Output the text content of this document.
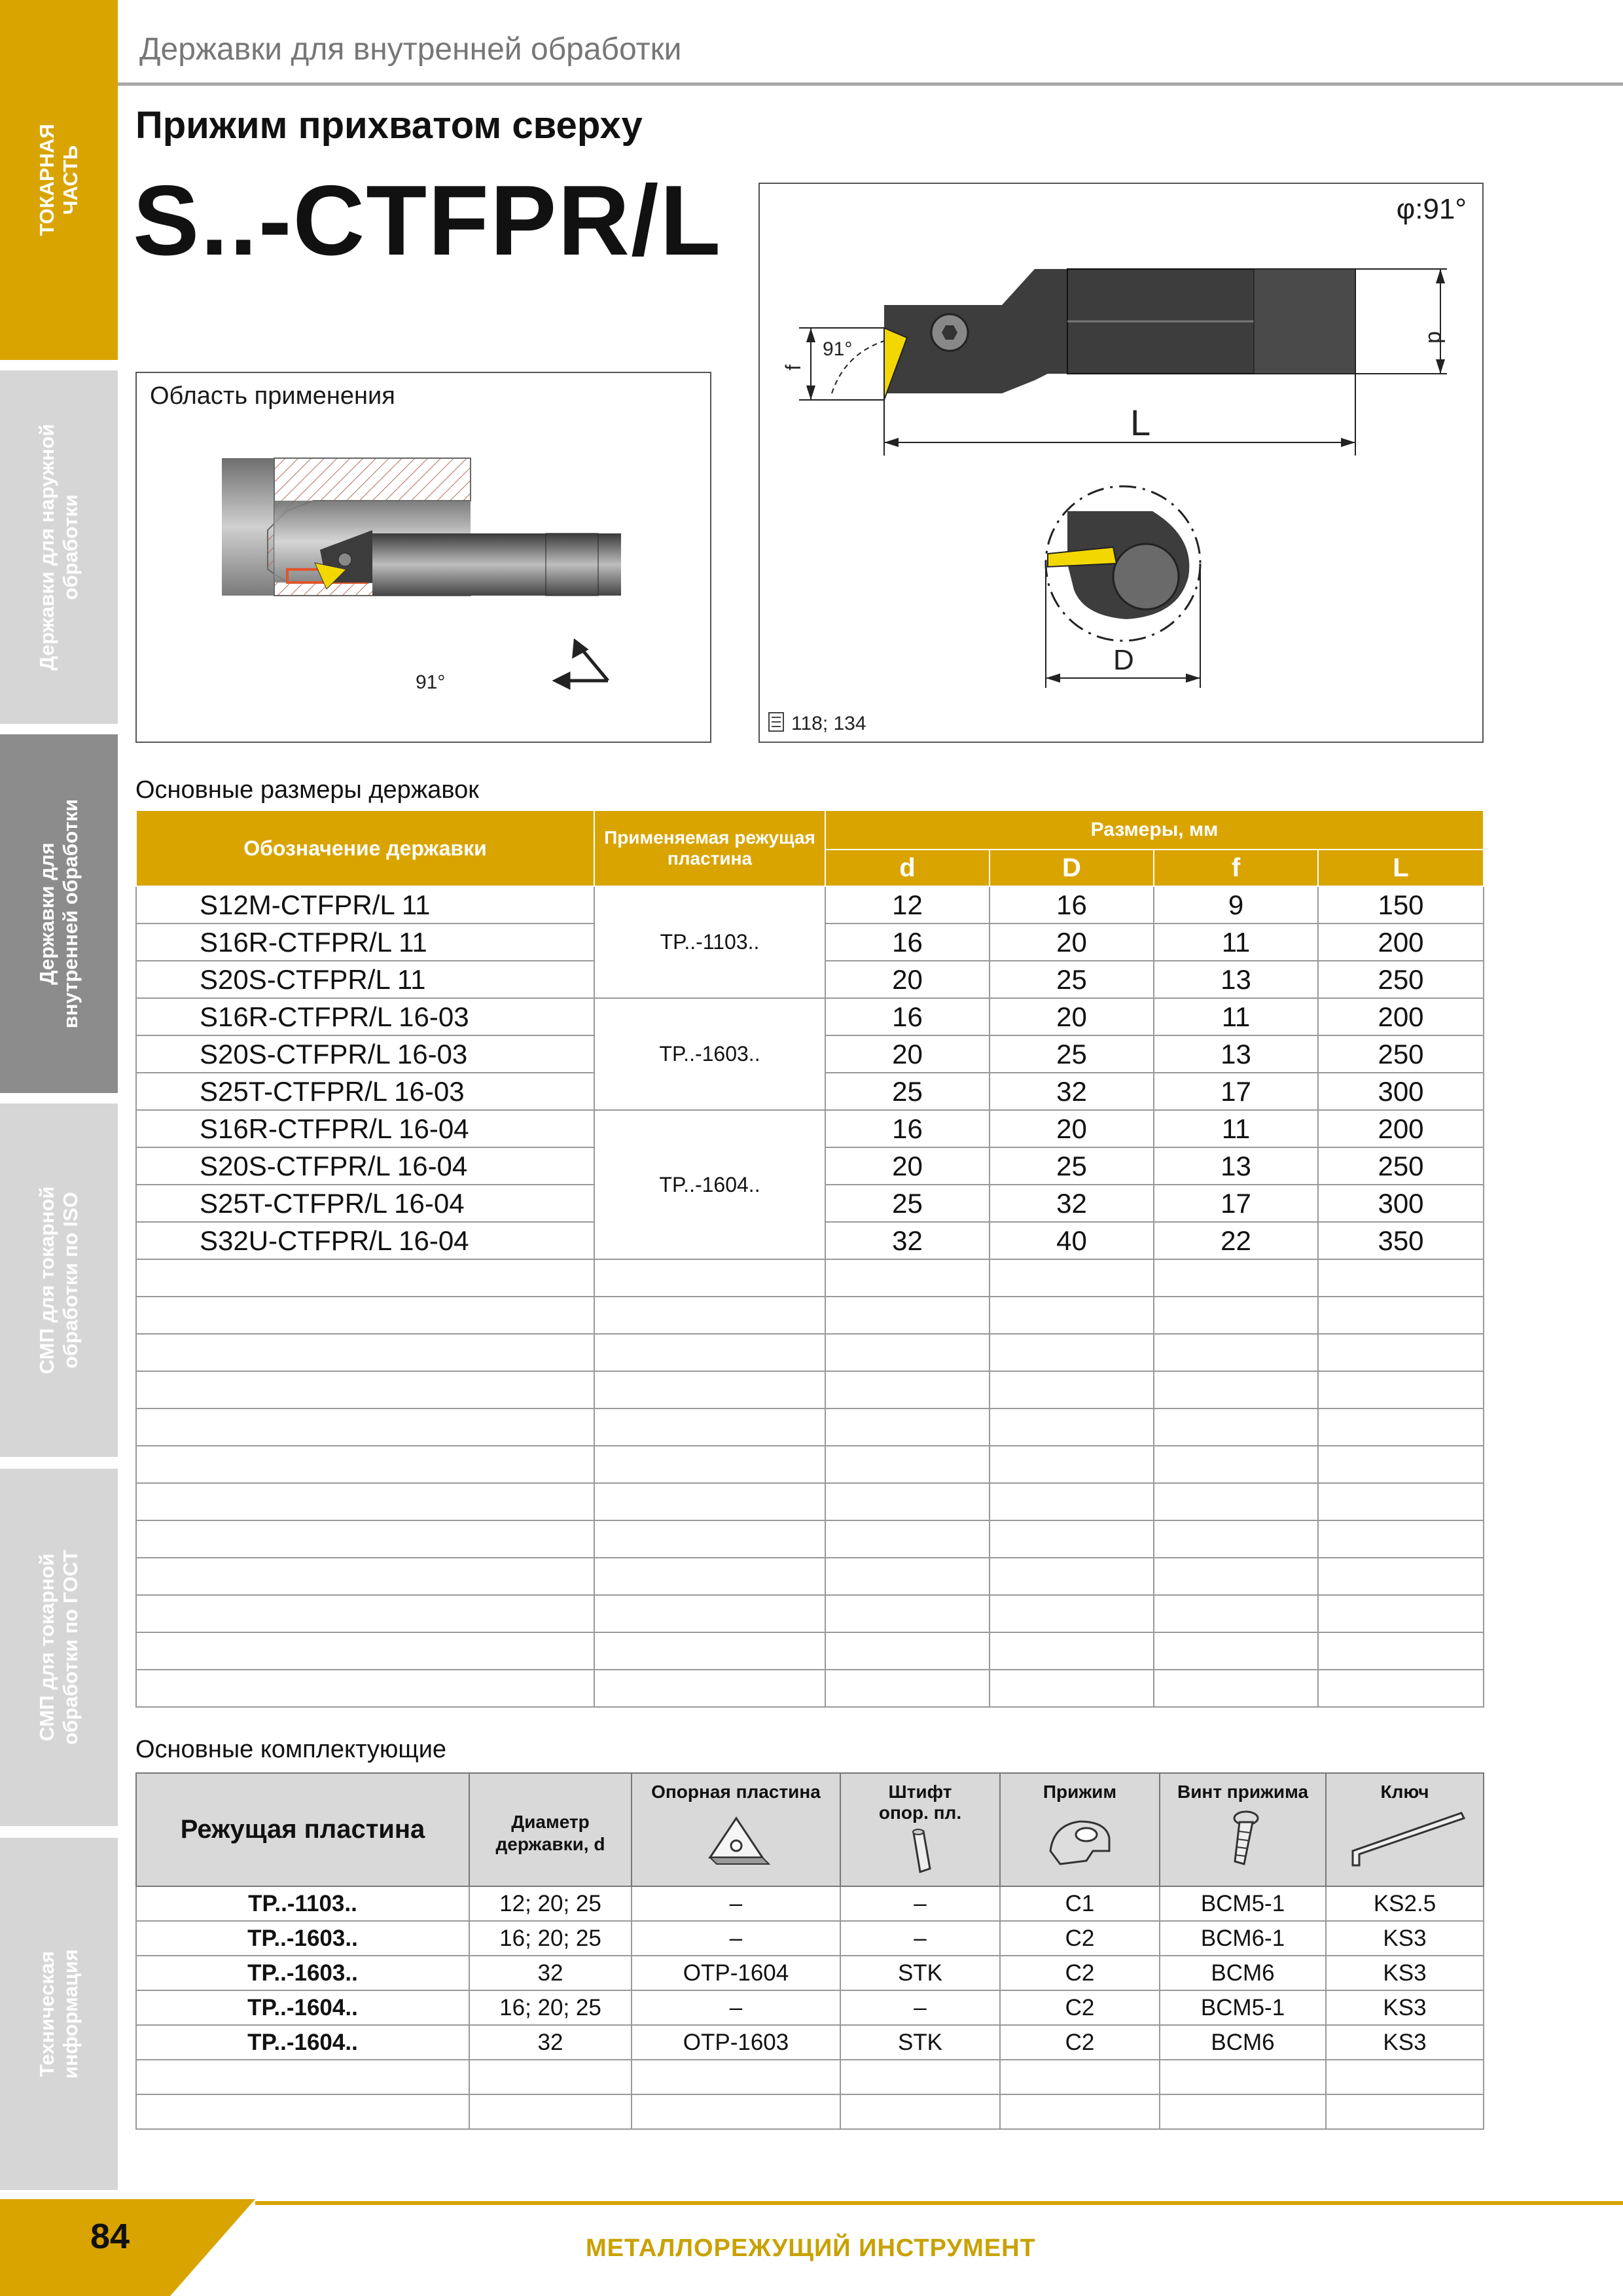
ТОКАРНАЯ ЧАСТЬ
Державки для наружной обработки
Державки для внутренней обработки
СМП для токарной обработки по ISO
СМП для токарной обработки по ГОСТ
Техническая информация
Державки для внутренней обработки
Прижим прихватом сверху
S..-CTFPR/L
Область применения
91°
φ:91°
L
d
f
91°
D
118; 134
Основные размеры державок
Обозначение державки	Применяемая режущая пластина	Размеры, мм			
		d	D	f	L
S12M-CTFPR/L 11	TP..-1103..	12	16	9	150
S16R-CTFPR/L 11		16	20	11	200
S20S-CTFPR/L 11		20	25	13	250
S16R-CTFPR/L 16-03	TP..-1603..	16	20	11	200
S20S-CTFPR/L 16-03		20	25	13	250
S25T-CTFPR/L 16-03		25	32	17	300
S16R-CTFPR/L 16-04	TP..-1604..	16	20	11	200
S20S-CTFPR/L 16-04		20	25	13	250
S25T-CTFPR/L 16-04		25	32	17	300
S32U-CTFPR/L 16-04		32	40	22	350

Основные комплектующие
Режущая пластина	Диаметр державки, d	Опорная пластина	Штифт опор. пл.	Прижим	Винт прижима	Ключ

TP..-1103..	12; 20; 25	–	–	C1	BCM5-1	KS2.5
TP..-1603..	16; 20; 25	–	–	C2	BCM6-1	KS3
TP..-1603..	32	OTP-1604	STK	C2	BCM6	KS3
TP..-1604..	16; 20; 25	–	–	C2	BCM5-1	KS3
TP..-1604..	32	OTP-1603	STK	C2	BCM6	KS3

84	МЕТАЛЛОРЕЖУЩИЙ ИНСТРУМЕНТ
